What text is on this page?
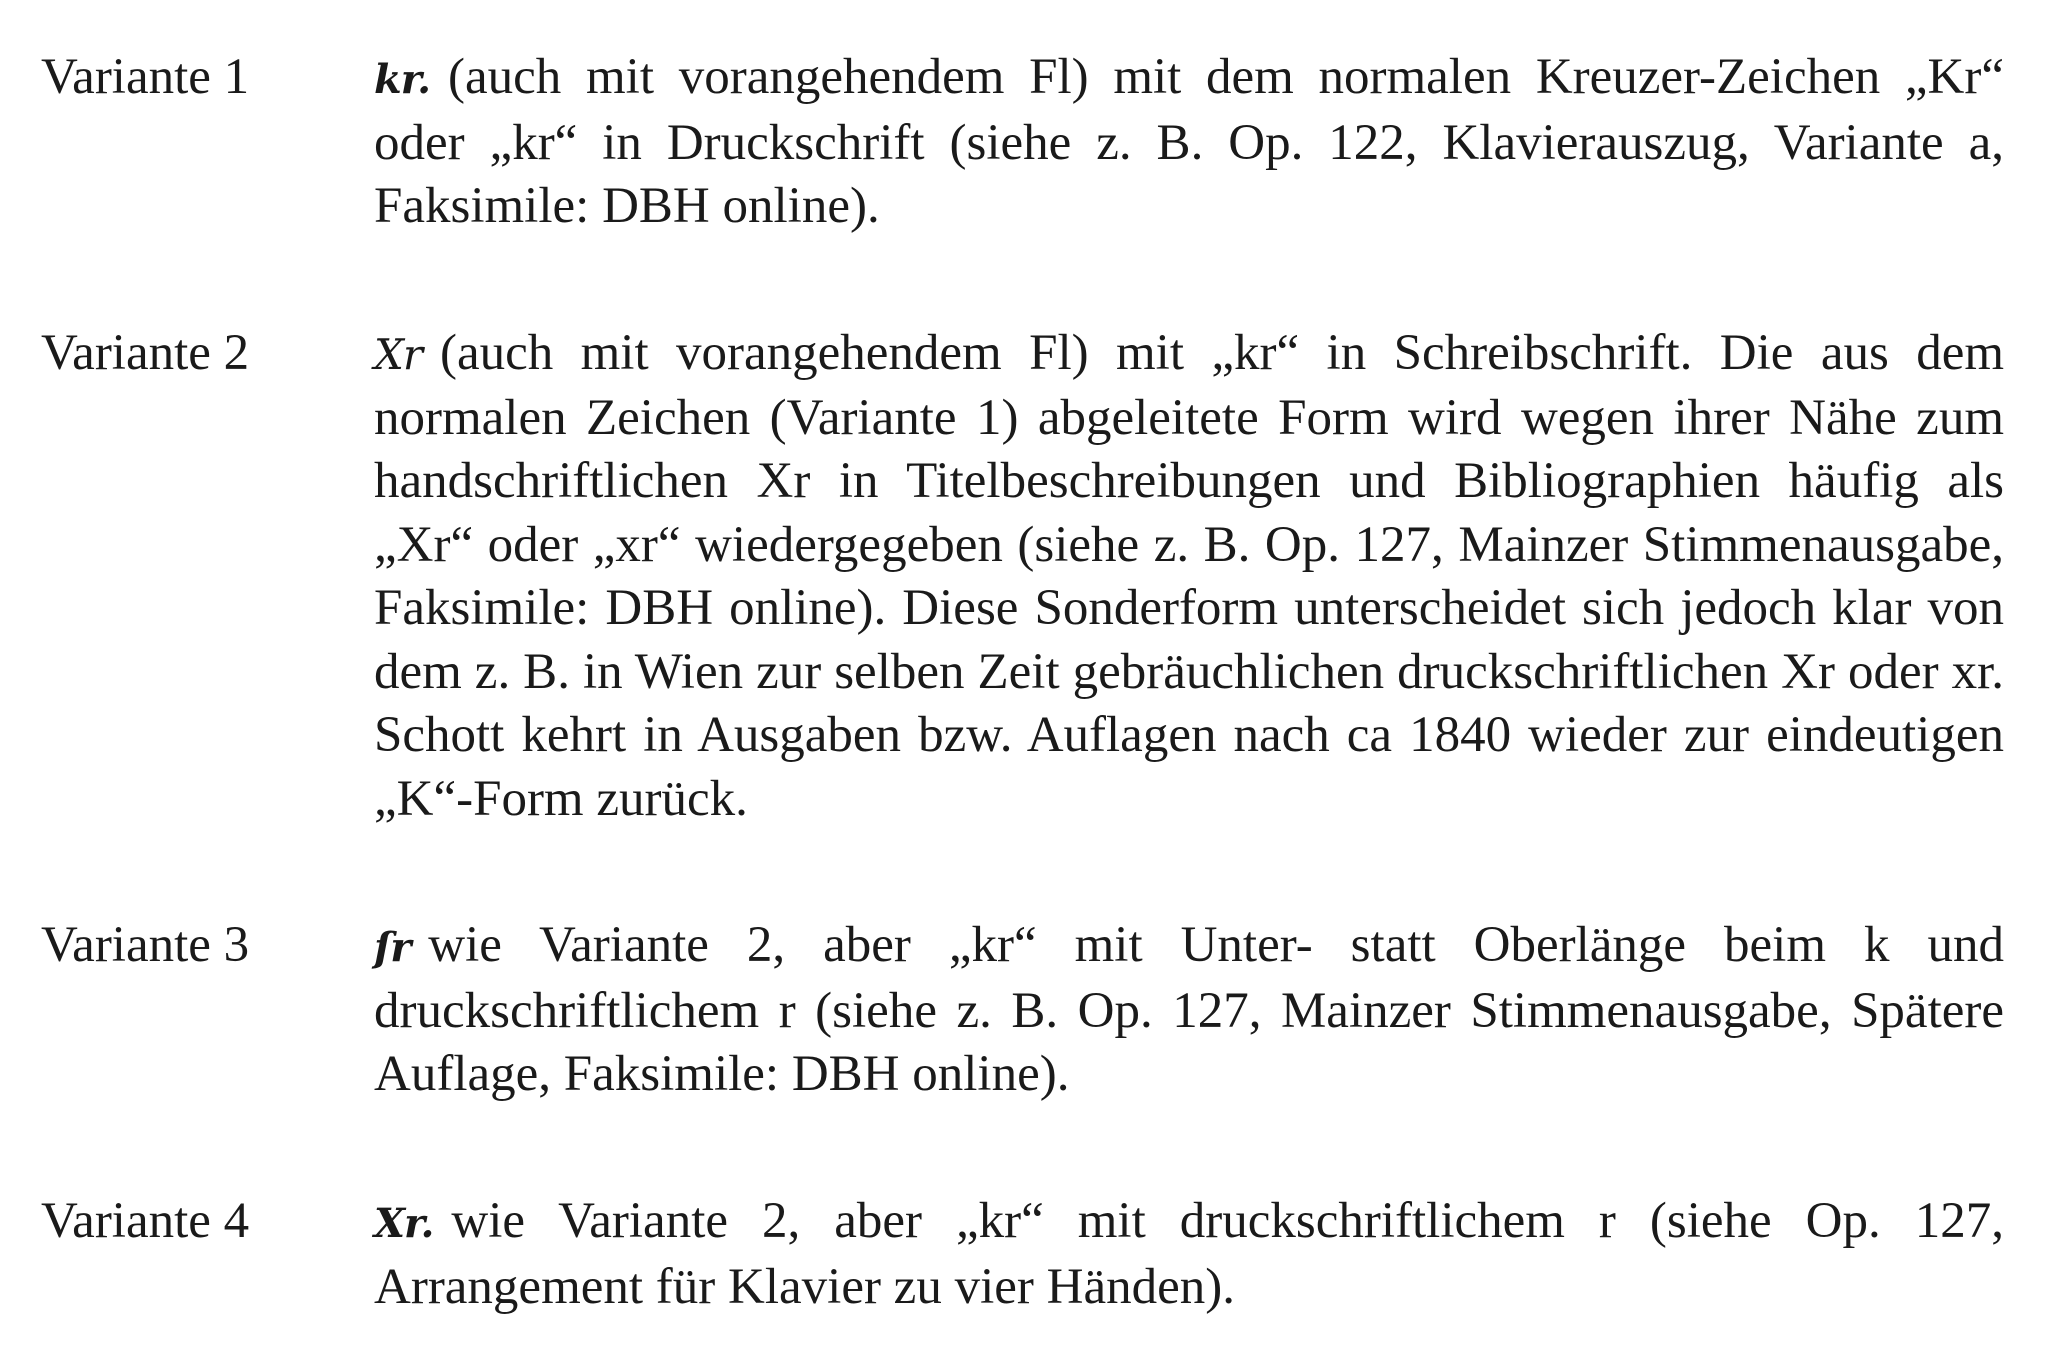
Variante 1	kr. (auch mit vorangehendem Fl) mit dem normalen Kreuzer-Zeichen „Kr“ oder „kr“ in Druckschrift (siehe z. B. Op. 122, Klavierauszug, Variante a, Faksimile: DBH online).
Variante 2	Xr (auch mit vorangehendem Fl) mit „kr“ in Schreibschrift. Die aus dem normalen Zeichen (Variante 1) abgeleitete Form wird wegen ihrer Nähe zum handschriftlichen Xr in Titelbeschreibungen und Bibliographien häufig als „Xr“ oder „xr“ wiedergegeben (siehe z. B. Op. 127, Mainzer Stimmenausgabe, Faksimile: DBH online). Diese Sonderform unterscheidet sich jedoch klar von dem z. B. in Wien zur selben Zeit gebräuchlichen druckschriftlichen Xr oder xr. Schott kehrt in Ausgaben bzw. Auflagen nach ca 1840 wieder zur eindeutigen „K“-Form zurück.
Variante 3	ſr wie Variante 2, aber „kr“ mit Unter- statt Oberlänge beim k und druckschriftlichem r (siehe z. B. Op. 127, Mainzer Stimmenausgabe, Spätere Auflage, Faksimile: DBH online).
Variante 4	Xr. wie Variante 2, aber „kr“ mit druckschriftlichem r (siehe Op. 127, Arrangement für Klavier zu vier Händen).
